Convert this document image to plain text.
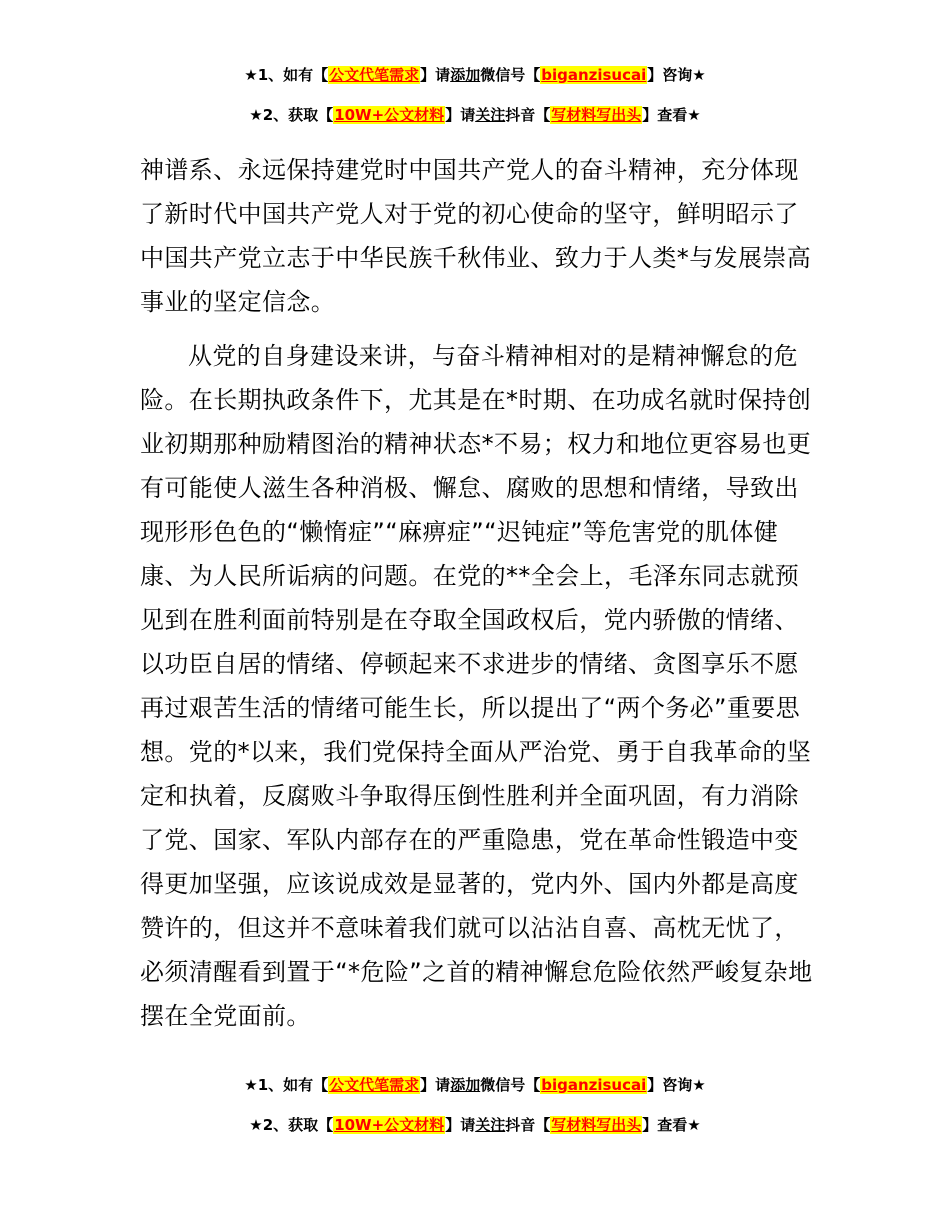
★1、如有【公文代笔需求】请添加微信号【biganzisucai】咨询★
★2、获取【10W+公文材料】请关注抖音【写材料写出头】查看★

神谱系、永远保持建党时中国共产党人的奋斗精神，充分体现了新时代中国共产党人对于党的初心使命的坚守，鲜明昭示了中国共产党立志于中华民族千秋伟业、致力于人类*与发展崇高事业的坚定信念。

从党的自身建设来讲，与奋斗精神相对的是精神懈怠的危险。在长期执政条件下，尤其是在*时期、在功成名就时保持创业初期那种励精图治的精神状态*不易；权力和地位更容易也更有可能使人滋生各种消极、懈怠、腐败的思想和情绪，导致出现形形色色的“懒惰症”“麻痹症”“迟钝症”等危害党的肌体健康、为人民所诟病的问题。在党的**全会上，毛泽东同志就预见到在胜利面前特别是在夺取全国政权后，党内骄傲的情绪、以功臣自居的情绪、停顿起来不求进步的情绪、贪图享乐不愿再过艰苦生活的情绪可能生长，所以提出了“两个务必”重要思想。党的*以来，我们党保持全面从严治党、勇于自我革命的坚定和执着，反腐败斗争取得压倒性胜利并全面巩固，有力消除了党、国家、军队内部存在的严重隐患，党在革命性锻造中变得更加坚强，应该说成效是显著的，党内外、国内外都是高度赞许的，但这并不意味着我们就可以沾沾自喜、高枕无忧了，必须清醒看到置于“*危险”之首的精神懈怠危险依然严峻复杂地摆在全党面前。

★1、如有【公文代笔需求】请添加微信号【biganzisucai】咨询★
★2、获取【10W+公文材料】请关注抖音【写材料写出头】查看★
